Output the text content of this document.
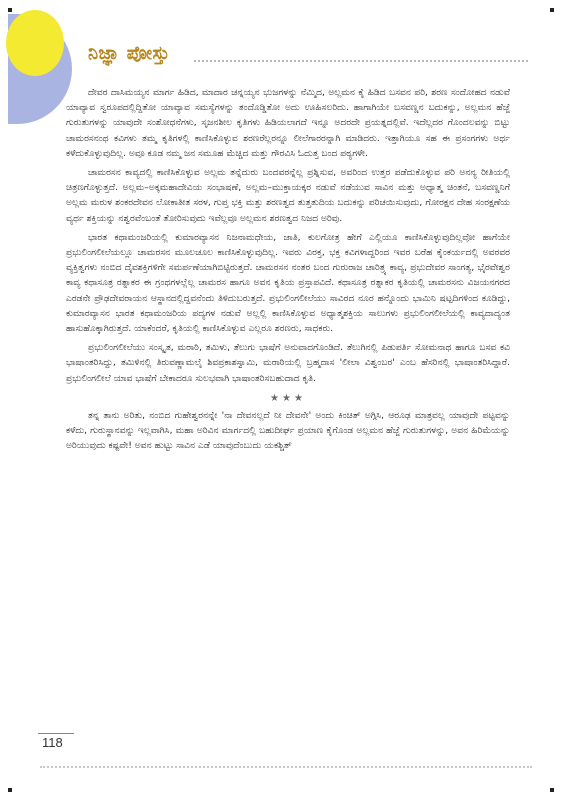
ನಿಜ್ಞಾ ಪೋಸ್ತು

ದೇವರ ದಾಸಿಮಯ್ಯನ ಮಾರ್ಗ ಹಿಡಿದ, ಮಾದಾರ ಚನ್ನಯ್ಯನ ಭುಜಗಳನ್ನು ನೆಮ್ಮಿದ, ಅಲ್ಲಮನ ಕೈ ಹಿಡಿದ ಬಸವನ ಪರಿ, ಶರಣ ಸಂದೋಹದ ನಡುವೆ ಯಾವ್ಯಾವ ಸ್ವರೂಪದಲ್ಲಿದ್ದಿತೋ ಯಾವ್ಯಾವ ಸಮಸ್ಯೆಗಳನ್ನು ತಂದೊಡ್ಡಿತೋ ಅದು ಊಹಿಸಲರಿದು. ಹಾಗಾಗಿಯೇ ಬಸವಣ್ಣನ ಬದುಕನ್ನು, ಅಲ್ಲಮನ ಹೆಜ್ಜೆ ಗುರುತುಗಳನ್ನು ಯಾವುದೇ ಸಂಶೋಧನೆಗಳು, ಸೃಜನಶೀಲ ಕೃತಿಗಳು ಹಿಡಿಯಲಾಗದೆ ಇನ್ನೂ ಅದರದೇ ಪ್ರಯತ್ನದಲ್ಲಿವೆ. ಇದೆಲ್ಲದರ ಗೊಂದಲವನ್ನು ಬಿಟ್ಟು ಚಾಮರಸನಂಥ ಕವಿಗಳು ತಮ್ಮ ಕೃತಿಗಳಲ್ಲಿ ಕಾಣಿಸಿಕೊಳ್ಳುವ ಶರಣರೆಲ್ಲರನ್ನೂ ಲೀಲೆಗಾರರನ್ನಾಗಿ ಮಾಡಿದರು. ಇತ್ತಾಗಿಯೂ ಸಹ ಈ ಪ್ರಸಂಗಗಳು ಅರ್ಥ ಕಳೆದುಕೊಳ್ಳುವುದಿಲ್ಲ. ಅವೂ ಕೂಡ ನಮ್ಮ ಜನ ಸಮೂಹ ಮೆಚ್ಚಿದ ಮತ್ತು ಗೌರವಿಸಿ ಓದುತ್ತ ಬಂದ ಪಠ್ಯಗಳೇ.

ಚಾಮರಸನ ಕಾವ್ಯದಲ್ಲಿ ಕಾಣಿಸಿಕೊಳ್ಳುವ ಅಲ್ಲಮ ತನ್ನೆದುರು ಬಂದವರನ್ನೆಲ್ಲ ಪ್ರಶ್ನಿಸುವ, ಅವರಿಂದ ಉತ್ತರ ಪಡೆದುಕೊಳ್ಳುವ ಪರಿ ಅನನ್ಯ ರೀತಿಯಲ್ಲಿ ಚಿತ್ರಣಗೊಳ್ಳುತ್ತದೆ. ಅಲ್ಲಮ–ಅಕ್ಕಮಹಾದೇವಿಯ ಸಂಭಾಷಣೆ, ಅಲ್ಲಮ–ಮುಕ್ತಾಯಕ್ಕರ ನಡುವೆ ನಡೆಯುವ ಸಾವಿನ ಮತ್ತು ಅಧ್ಯಾತ್ಮ ಚಿಂತನೆ, ಬಸವಣ್ಣನಿಗೆ ಅಲ್ಲಮ ಮರುಳ ಶಂಕರದೇವನ ಲೋಕಾತೀತ ಸರಳ, ಗುಪ್ತ ಭಕ್ತಿ ಮತ್ತು ಶರಣತ್ವದ ತುತ್ತತುದಿಯ ಬದುಕನ್ನು ಪರಿಚಯಿಸುವುದು, ಗೋರಕ್ಷನ ದೇಹ ಸಂರಕ್ಷಣೆಯ ವ್ಯರ್ಥ ಶಕ್ತಿಯನ್ನು ನಶ್ವರವೆಂಬಂತೆ ತೋರಿಸುವುದು ಇವೆಲ್ಲವೂ ಅಲ್ಲಮನ ಶರಣತ್ವದ ನಿಜದ ಅರಿವು.

ಭಾರತ ಕಥಾಮಂಜರಿಯಲ್ಲಿ ಕುಮಾರವ್ಯಾಸನ ನಿಜನಾಮಧೇಯ, ಜಾತಿ, ಕುಲಗೋತ್ರ ಹೇಗೆ ಎಲ್ಲಿಯೂ ಕಾಣಿಸಿಕೊಳ್ಳುವುದಿಲ್ಲವೋ ಹಾಗೆಯೇ ಪ್ರಭುಲಿಂಗಲೀಲೆಯಲ್ಲೂ ಚಾಮರಸನ ಮೂಲಚೂಲ ಕಾಣಿಸಿಕೊಳ್ಳುವುದಿಲ್ಲ. ಇವರು ವಿರಕ್ತ, ಭಕ್ತ ಕವಿಗಳಾದ್ದರಿಂದ ಇವರ ಬರೆಹ ಕೈಂಕರ್ಯದಲ್ಲಿ ಅವರವರ ವ್ಯಕ್ತಿತ್ವಗಳು ನಂಬಿದ ದೈವಶಕ್ತಿಗಳಿಗೇ ಸಮರ್ಪಣೆಯಾಗಿಬಿಟ್ಟಿರುತ್ತದೆ. ಚಾಮರಸನ ನಂತರ ಬಂದ ಗುರುರಾಜ ಚಾರಿತ್ರ್ಯ ಕಾವ್ಯ, ಪ್ರಭುದೇವರ ಸಾಂಗತ್ಯ, ಭೈರವೇಶ್ವರ ಕಾವ್ಯ ಕಥಾಸೂತ್ರ ರತ್ನಾಕರ ಈ ಗ್ರಂಥಗಳಲ್ಲೆಲ್ಲ ಚಾಮರಸ ಹಾಗೂ ಅವನ ಕೃತಿಯ ಪ್ರಸ್ತಾಪವಿದೆ. ಕಥಾಸೂತ್ರ ರತ್ನಾಕರ ಕೃತಿಯಲ್ಲಿ ಚಾಮರಸನು ವಿಜಯನಗರದ ಎರಡನೇ ಪ್ರೌಢದೇವರಾಯನ ಆಸ್ಥಾನದಲ್ಲಿದ್ದವನೆಂದು ತಿಳಿದುಬರುತ್ತದೆ. ಪ್ರಭುಲಿಂಗಲೀಲೆಯು ಸಾವಿರದ ನೂರ ಹನ್ನೊಂದು ಭಾಮಿನಿ ಷಟ್ಪದಿಗಳಿಂದ ಕೂಡಿದ್ದು, ಕುಮಾರವ್ಯಾಸನ ಭಾರತ ಕಥಾಮಂಜರಿಯ ಪದ್ಯಗಳ ನಡುವೆ ಅಲ್ಲಲ್ಲಿ ಕಾಣಿಸಿಕೊಳ್ಳುವ ಅಧ್ಯಾತ್ಮಶಕ್ತಿಯ ಸಾಲುಗಳು ಪ್ರಭುಲಿಂಗಲೀಲೆಯಲ್ಲಿ ಕಾವ್ಯದಾದ್ಯಂತ ಹಾಸುಹೊಕ್ಕಾಗಿರುತ್ತದೆ. ಯಾಕೆಂದರೆ, ಕೃತಿಯಲ್ಲಿ ಕಾಣಿಸಿಕೊಳ್ಳುವ ಎಲ್ಲರೂ ಶರಣರು, ಸಾಧಕರು.

ಪ್ರಭುಲಿಂಗಲೀಲೆಯು ಸಂಸ್ಕೃತ, ಮರಾಠಿ, ತಮಿಳು, ತೆಲುಗು ಭಾಷೆಗೆ ಅನುವಾದಗೊಂಡಿದೆ. ತೆಲುಗಿನಲ್ಲಿ ಪಿಡುಪರ್ತಿ ಸೋಮನಾಥ ಹಾಗೂ ಬಸವ ಕವಿ ಭಾಷಾಂತರಿಸಿದ್ದು, ತಮಿಳಿನಲ್ಲಿ ತಿರುವಣ್ಣಾಮಲೈ ಶಿವಪ್ರಕಾಶಸ್ವಾಮಿ, ಮರಾಠಿಯಲ್ಲಿ ಬ್ರಹ್ಮದಾಸ 'ಲೀಲಾ ವಿಶ್ವಂಬರ' ಎಂಬ ಹೆಸರಿನಲ್ಲಿ ಭಾಷಾಂತರಿಸಿದ್ದಾರೆ. ಪ್ರಭುಲಿಂಗಲೀಲೆ ಯಾವ ಭಾಷೆಗೆ ಬೇಕಾದರೂ ಸುಲಭವಾಗಿ ಭಾಷಾಂತರಿಸಬಹುದಾದ ಕೃತಿ.

★★★

ತನ್ನ ತಾನು ಅರಿತು, ನಂಬಿದ ಗುಹೇಶ್ವರನನ್ನೇ 'ನಾ ದೇವನಲ್ಲದೆ ನೀ ದೇವನೇ' ಅಂದು ಕಿಂಚಿತ್ ಅಗ್ಗಿಸಿ, ಆರೂಢ ಮಾತ್ರವಲ್ಲ ಯಾವುದೇ ಪಟ್ಟವನ್ನು ಕಳೆದು, ಗುರುಸ್ಥಾನವನ್ನು ಇಲ್ಲವಾಗಿಸಿ, ಮಹಾ ಅರಿವಿನ ಮಾರ್ಗದಲ್ಲಿ ಬಹುದೀರ್ಘ ಪ್ರಯಾಣ ಕೈಗೊಂಡ ಅಲ್ಲಮನ ಹೆಜ್ಜೆ ಗುರುತುಗಳನ್ನು, ಅವನ ಹಿರಿಮೆಯನ್ನು ಅರಿಯುವುದು ಕಷ್ಟವೇ! ಅವನ ಹುಟ್ಟು ಸಾವಿನ ಎಡೆ ಯಾವುದೆಂಬುದು ಯಕಶ್ಚಿತ್

118
